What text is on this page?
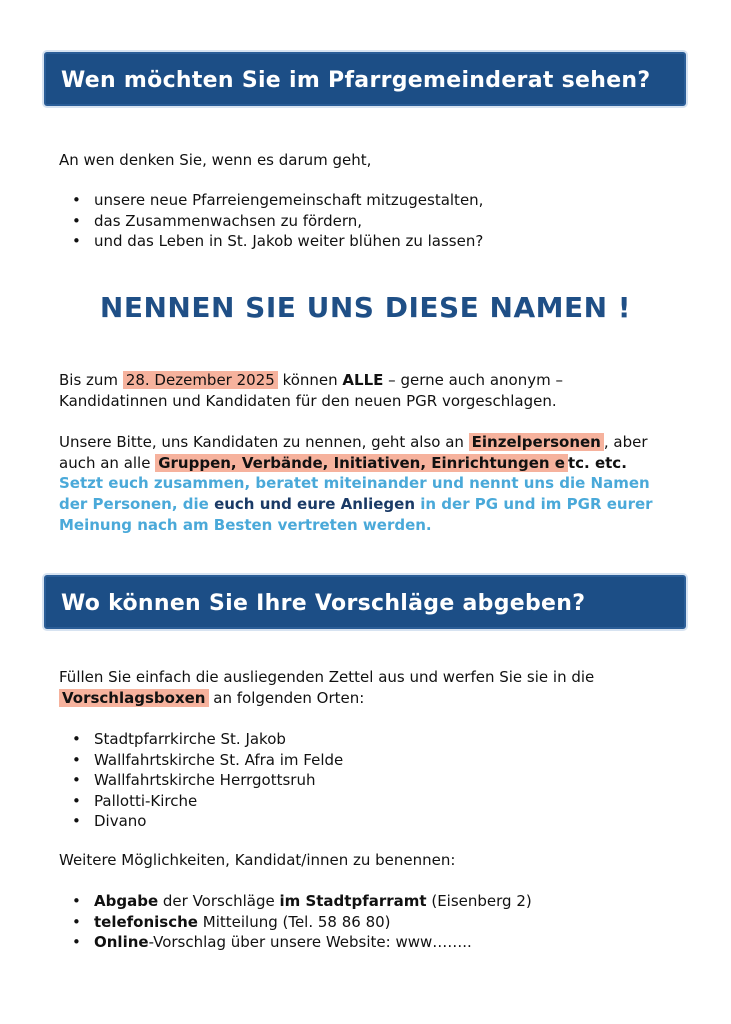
Wen möchten Sie im Pfarrgemeinderat sehen?
An wen denken Sie, wenn es darum geht,
• unsere neue Pfarreiengemeinschaft mitzugestalten,
• das Zusammenwachsen zu fördern,
• und das Leben in St. Jakob weiter blühen zu lassen?
NENNEN SIE UNS DIESE NAMEN !
Bis zum 28. Dezember 2025 können ALLE – gerne auch anonym –
Kandidatinnen und Kandidaten für den neuen PGR vorgeschlagen.
Unsere Bitte, uns Kandidaten zu nennen, geht also an Einzelpersonen , aber
auch an alle Gruppen, Verbände, Initiativen, Einrichtungen e tc. etc.
Setzt euch zusammen, beratet miteinander und nennt uns die Namen
der Personen, die euch und eure Anliegen in der PG und im PGR eurer
Meinung nach am Besten vertreten werden.
Wo können Sie Ihre Vorschläge abgeben?
Füllen Sie einfach die ausliegenden Zettel aus und werfen Sie sie in die
Vorschlagsboxen an folgenden Orten:
• Stadtpfarrkirche St. Jakob
• Wallfahrtskirche St. Afra im Felde
• Wallfahrtskirche Herrgottsruh
• Pallotti-Kirche
• Divano
Weitere Möglichkeiten, Kandidat/innen zu benennen:
• Abgabe der Vorschläge im Stadtpfarramt (Eisenberg 2)
• telefonische Mitteilung (Tel. 58 86 80)
• Online-Vorschlag über unsere Website: www……..
